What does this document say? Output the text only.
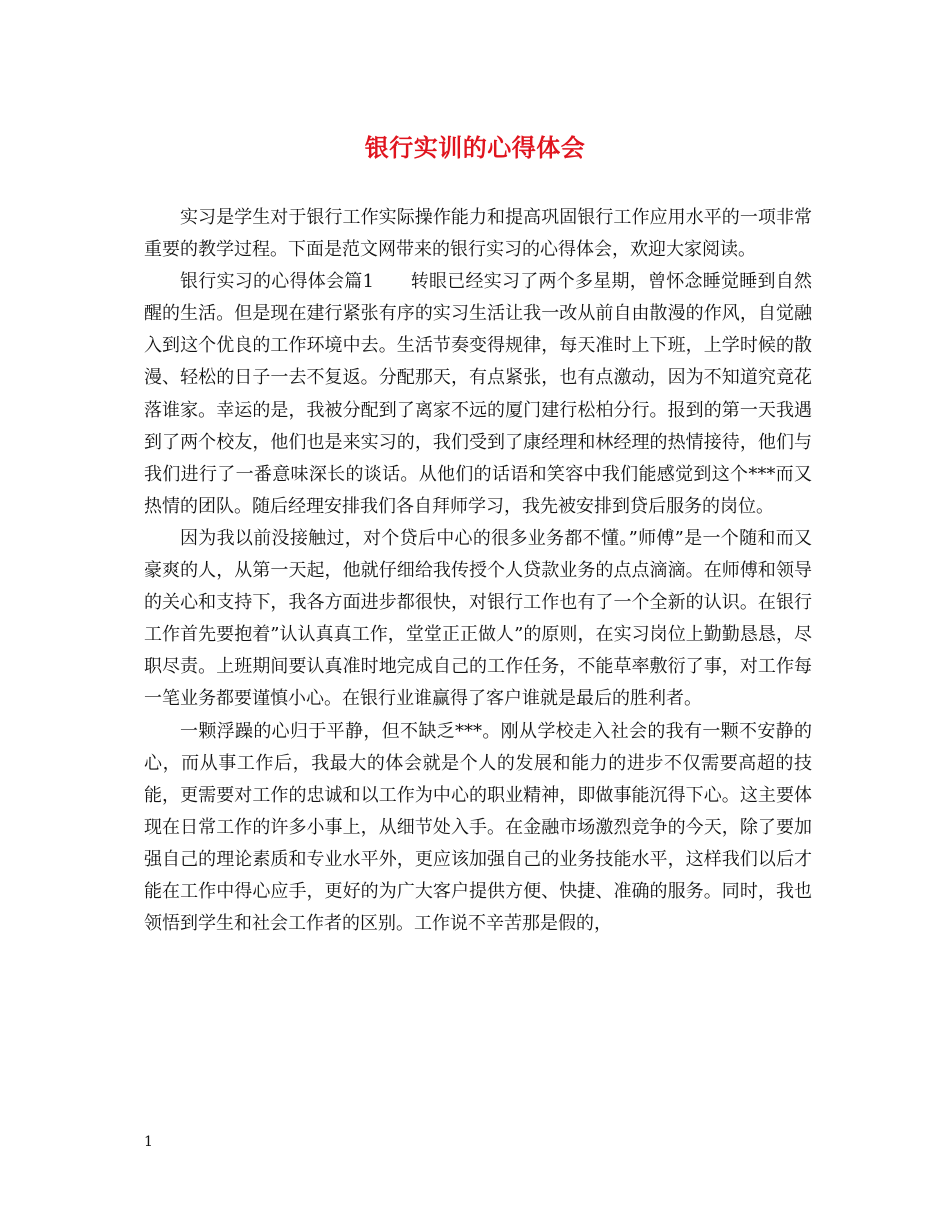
银行实训的心得体会

实习是学生对于银行工作实际操作能力和提高巩固银行工作应用水平的一项非常重要的教学过程。下面是范文网带来的银行实习的心得体会，欢迎大家阅读。

银行实习的心得体会篇1　　转眼已经实习了两个多星期，曾怀念睡觉睡到自然醒的生活。但是现在建行紧张有序的实习生活让我一改从前自由散漫的作风，自觉融入到这个优良的工作环境中去。生活节奏变得规律，每天准时上下班，上学时候的散漫、轻松的日子一去不复返。分配那天，有点紧张，也有点激动，因为不知道究竟花落谁家。幸运的是，我被分配到了离家不远的厦门建行松柏分行。报到的第一天我遇到了两个校友，他们也是来实习的，我们受到了康经理和林经理的热情接待，他们与我们进行了一番意味深长的谈话。从他们的话语和笑容中我们能感觉到这个***而又热情的团队。随后经理安排我们各自拜师学习，我先被安排到贷后服务的岗位。

因为我以前没接触过，对个贷后中心的很多业务都不懂。”师傅”是一个随和而又豪爽的人，从第一天起，他就仔细给我传授个人贷款业务的点点滴滴。在师傅和领导的关心和支持下，我各方面进步都很快，对银行工作也有了一个全新的认识。在银行工作首先要抱着”认认真真工作，堂堂正正做人”的原则，在实习岗位上勤勤恳恳，尽职尽责。上班期间要认真准时地完成自己的工作任务，不能草率敷衍了事，对工作每一笔业务都要谨慎小心。在银行业谁赢得了客户谁就是最后的胜利者。

一颗浮躁的心归于平静，但不缺乏***。刚从学校走入社会的我有一颗不安静的心，而从事工作后，我最大的体会就是个人的发展和能力的进步不仅需要高超的技能，更需要对工作的忠诚和以工作为中心的职业精神，即做事能沉得下心。这主要体现在日常工作的许多小事上，从细节处入手。在金融市场激烈竞争的今天，除了要加强自己的理论素质和专业水平外，更应该加强自己的业务技能水平，这样我们以后才能在工作中得心应手，更好的为广大客户提供方便、快捷、准确的服务。同时，我也领悟到学生和社会工作者的区别。工作说不辛苦那是假的，

1
